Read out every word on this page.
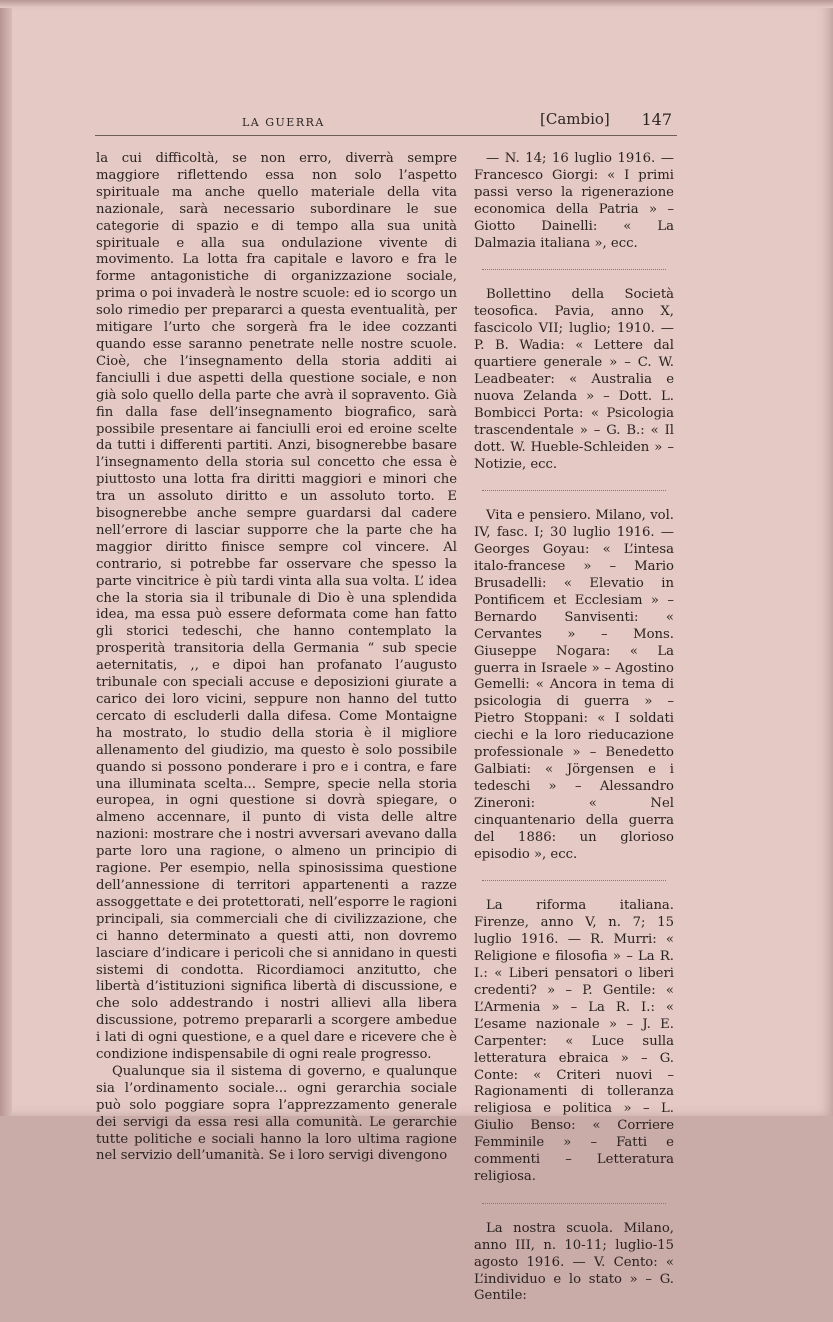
LA GUERRA	[Cambio] 147

la cui difficoltà, se non erro, diverrà sempre maggiore riflettendo essa non solo l’aspetto spirituale ma anche quello materiale della vita nazionale, sarà necessario subordinare le sue categorie di spazio e di tempo alla sua unità spirituale e alla sua ondulazione vivente di movimento. La lotta fra capitale e lavoro e fra le forme antagonistiche di organizzazione sociale, prima o poi invaderà le nostre scuole: ed io scorgo un solo rimedio per prepararci a questa eventualità, per mitigare l’urto che sorgerà fra le idee cozzanti quando esse saranno penetrate nelle nostre scuole. Cioè, che l’insegnamento della storia additi ai fanciulli i due aspetti della questione sociale, e non già solo quello della parte che avrà il sopravento. Già fin dalla fase dell’insegnamento biografico, sarà possibile presentare ai fanciulli eroi ed eroine scelte da tutti i differenti partiti. Anzi, bisognerebbe basare l’insegnamento della storia sul concetto che essa è piuttosto una lotta fra diritti maggiori e minori che tra un assoluto diritto e un assoluto torto. E bisognerebbe anche sempre guardarsi dal cadere nell’errore di lasciar supporre che la parte che ha maggior diritto finisce sempre col vincere. Al contrario, si potrebbe far osservare che spesso la parte vincitrice è più tardi vinta alla sua volta. L’ idea che la storia sia il tribunale di Dio è una splendida idea, ma essa può essere deformata come han fatto gli storici tedeschi, che hanno contemplato la prosperità transitoria della Germania “ sub specie aeternitatis, ,, e dipoi han profanato l’augusto tribunale con speciali accuse e deposizioni giurate a carico dei loro vicini, seppure non hanno del tutto cercato di escluderli dalla difesa. Come Montaigne ha mostrato, lo studio della storia è il migliore allenamento del giudizio, ma questo è solo possibile quando si possono ponderare i pro e i contra, e fare una illuminata scelta... Sempre, specie nella storia europea, in ogni questione si dovrà spiegare, o almeno accennare, il punto di vista delle altre nazioni: mostrare che i nostri avversari avevano dalla parte loro una ragione, o almeno un principio di ragione. Per esempio, nella spinosissima questione dell’annessione di territori appartenenti a razze assoggettate e dei protettorati, nell’esporre le ragioni principali, sia commerciali che di civilizzazione, che ci hanno determinato a questi atti, non dovremo lasciare d’indicare i pericoli che si annidano in questi sistemi di condotta. Ricordiamoci anzitutto, che libertà d’istituzioni significa libertà di discussione, e che solo addestrando i nostri allievi alla libera discussione, potremo prepararli a scorgere ambedue i lati di ogni questione, e a quel dare e ricevere che è condizione indispensabile di ogni reale progresso.

Qualunque sia il sistema di governo, e qualunque sia l’ordinamento sociale... ogni gerarchia sociale può solo poggiare sopra l’apprezzamento generale dei servigi da essa resi alla comunità. Le gerarchie tutte politiche e sociali hanno la loro ultima ragione nel servizio dell’umanità. Se i loro servigi divengono

— N. 14; 16 luglio 1916. — Francesco Giorgi: « I primi passi verso la rigenerazione economica della Patria » – Giotto Dainelli: « La Dalmazia italiana », ecc.

Bollettino della Società teosofica. Pavia, anno X, fascicolo VII; luglio; 1910. — P. B. Wadia: « Lettere dal quartiere generale » – C. W. Leadbeater: « Australia e nuova Zelanda » – Dott. L. Bombicci Porta: « Psicologia trascendentale » – G. B.: « Il dott. W. Hueble-Schleiden » – Notizie, ecc.

Vita e pensiero. Milano, vol. IV, fasc. I; 30 luglio 1916. — Georges Goyau: « L’intesa italo-francese » – Mario Brusadelli: « Elevatio in Pontificem et Ecclesiam » – Bernardo Sanvisenti: « Cervantes » – Mons. Giuseppe Nogara: « La guerra in Israele » – Agostino Gemelli: « Ancora in tema di psicologia di guerra » – Pietro Stoppani: « I soldati ciechi e la loro rieducazione professionale » – Benedetto Galbiati: « Jörgensen e i tedeschi » – Alessandro Zineroni: « Nel cinquantenario della guerra del 1886: un glorioso episodio », ecc.

La riforma italiana. Firenze, anno V, n. 7; 15 luglio 1916. — R. Murri: « Religione e filosofia » – La R. I.: « Liberi pensatori o liberi credenti? » – P. Gentile: « L’Armenia » – La R. I.: « L’esame nazionale » – J. E. Carpenter: « Luce sulla letteratura ebraica » – G. Conte: « Criteri nuovi – Ragionamenti di tolleranza religiosa e politica » – L. Giulio Benso: « Corriere Femminile » – Fatti e commenti – Letteratura religiosa.

La nostra scuola. Milano, anno III, n. 10-11; luglio-15 agosto 1916. — V. Cento: « L’individuo e lo stato » – G. Gentile:
